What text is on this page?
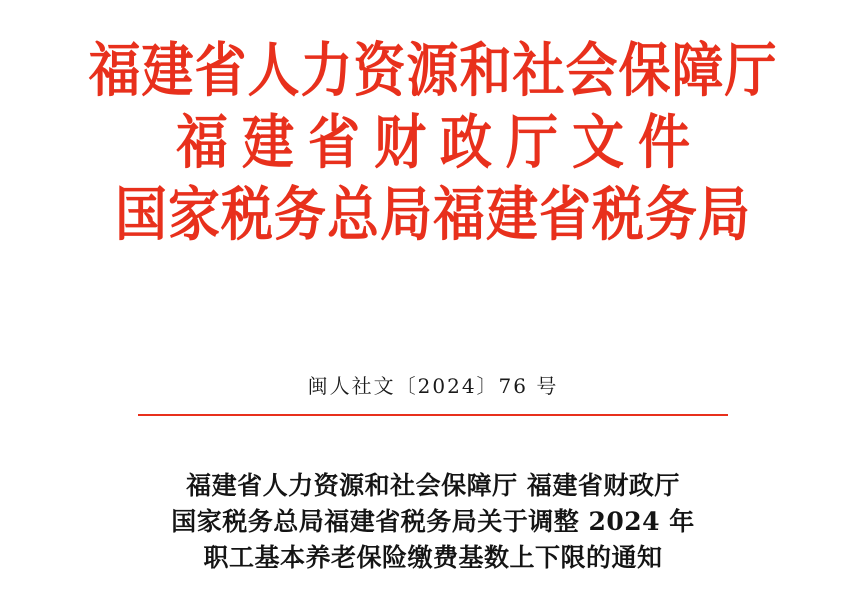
福建省人力资源和社会保障厅
福建省财政厅文件
国家税务总局福建省税务局
闽人社文〔2024〕76 号
福建省人力资源和社会保障厅 福建省财政厅
国家税务总局福建省税务局关于调整 2024 年
职工基本养老保险缴费基数上下限的通知
